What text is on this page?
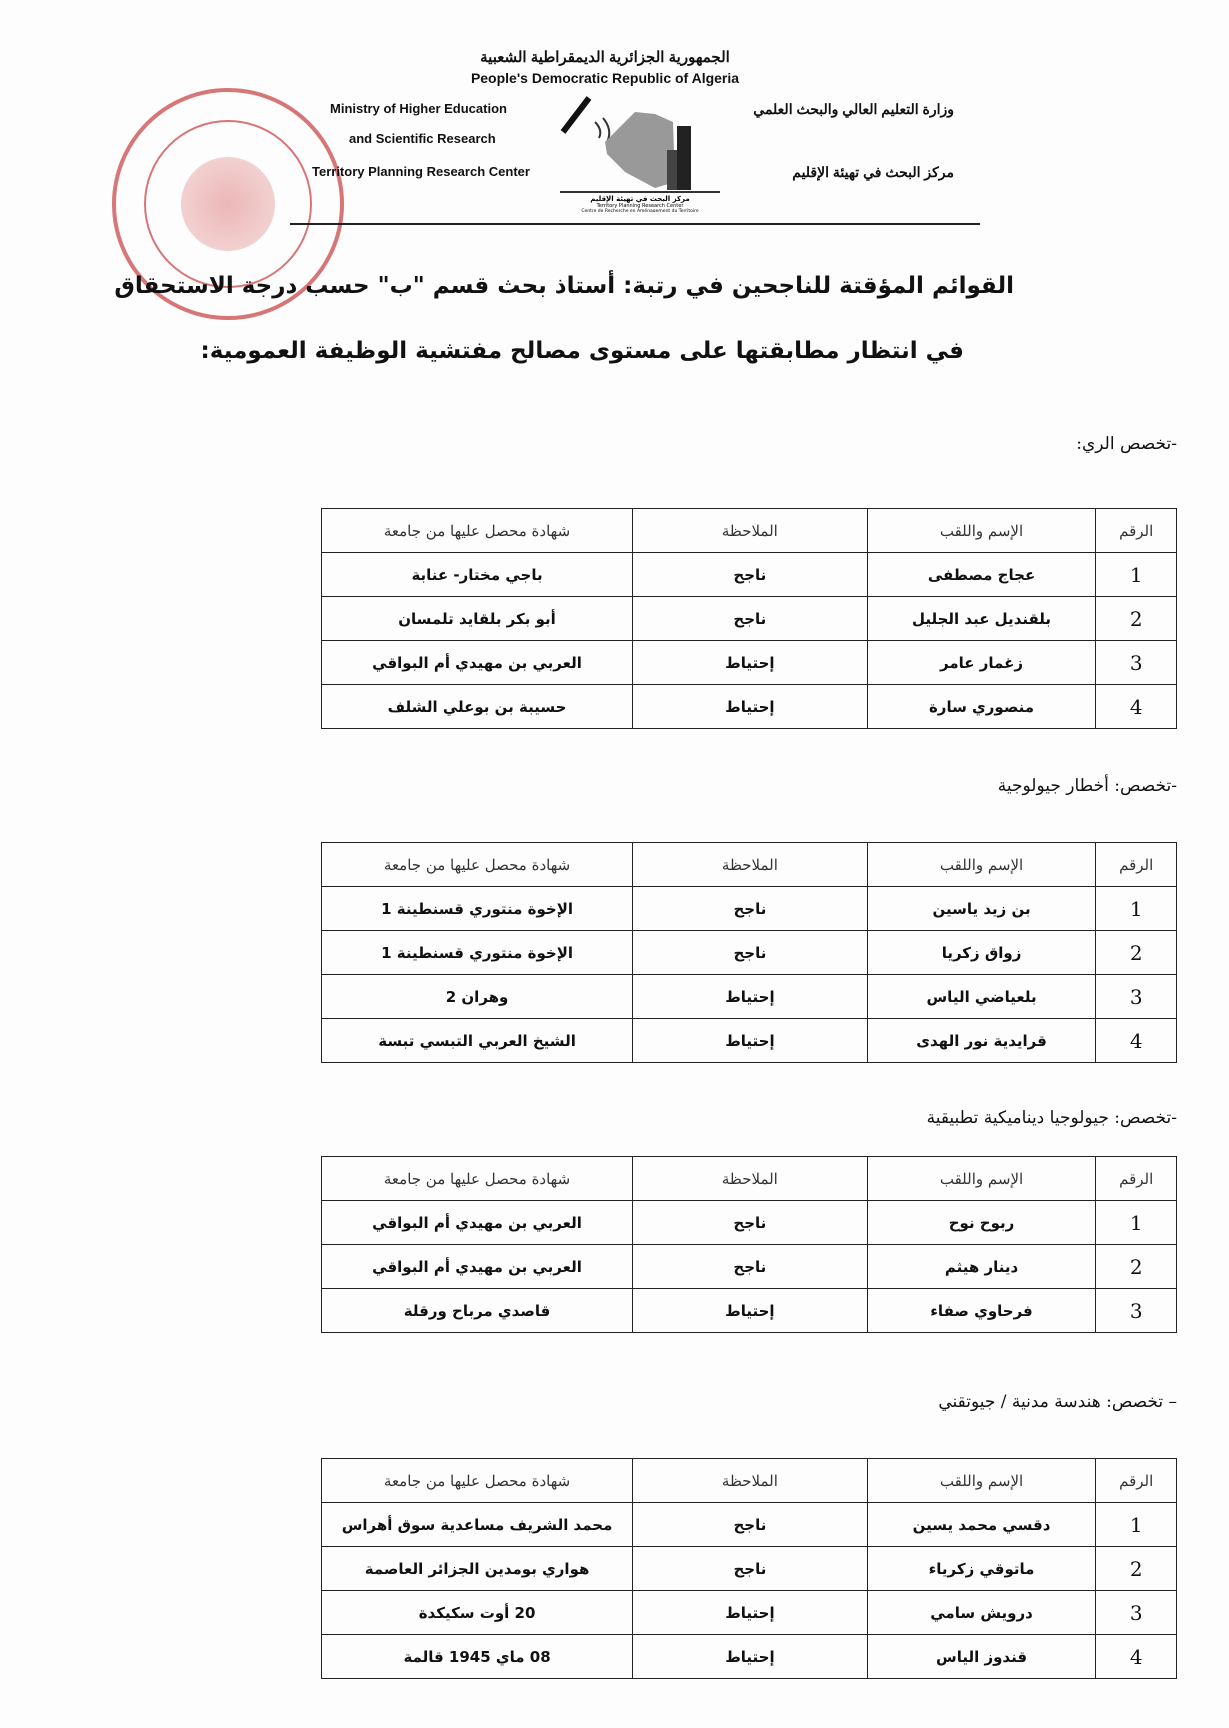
الجمهورية الجزائرية الديمقراطية الشعبية
People's Democratic Republic of Algeria
Ministry of Higher Education
and Scientific Research
Territory Planning Research Center
وزارة التعليم العالي والبحث العلمي
مركز البحث في تهيئة الإقليم
مركز البحث في تهيئة الإقليم
Territory Planning Research Center
Centre de Recherche en Aménagement du Territoire
القوائم المؤقتة للناجحين في رتبة: أستاذ بحث قسم "ب" حسب درجة الاستحقاق
في انتظار مطابقتها على مستوى مصالح مفتشية الوظيفة العمومية:
-تخصص الري:
الرقم	الإسم واللقب	الملاحظة	شهادة محصل عليها من جامعة
1	عجاج مصطفى	ناجح	باجي مختار- عنابة
2	بلقنديل عبد الجليل	ناجح	أبو بكر بلقايد تلمسان
3	زغمار عامر	إحتياط	العربي بن مهيدي أم البواقي
4	منصوري سارة	إحتياط	حسيبة بن بوعلي الشلف
-تخصص: أخطار جيولوجية
الرقم	الإسم واللقب	الملاحظة	شهادة محصل عليها من جامعة
1	بن زيد ياسين	ناجح	الإخوة منتوري قسنطينة 1
2	زواق زكريا	ناجح	الإخوة منتوري قسنطينة 1
3	بلعياضي الياس	إحتياط	وهران 2
4	قرايدية نور الهدى	إحتياط	الشيخ العربي التبسي تبسة
-تخصص: جيولوجيا ديناميكية تطبيقية
الرقم	الإسم واللقب	الملاحظة	شهادة محصل عليها من جامعة
1	ربوح نوح	ناجح	العربي بن مهيدي أم البواقي
2	دينار هيثم	ناجح	العربي بن مهيدي أم البواقي
3	فرحاوي صفاء	إحتياط	قاصدي مرباح ورقلة
– تخصص: هندسة مدنية / جيوتقني
الرقم	الإسم واللقب	الملاحظة	شهادة محصل عليها من جامعة
1	دقسي محمد يسين	ناجح	محمد الشريف مساعدية سوق أهراس
2	ماتوقي زكرياء	ناجح	هواري بومدين الجزائر العاصمة
3	درويش سامي	إحتياط	20 أوت سكيكدة
4	قندوز الياس	إحتياط	08 ماي 1945 قالمة
